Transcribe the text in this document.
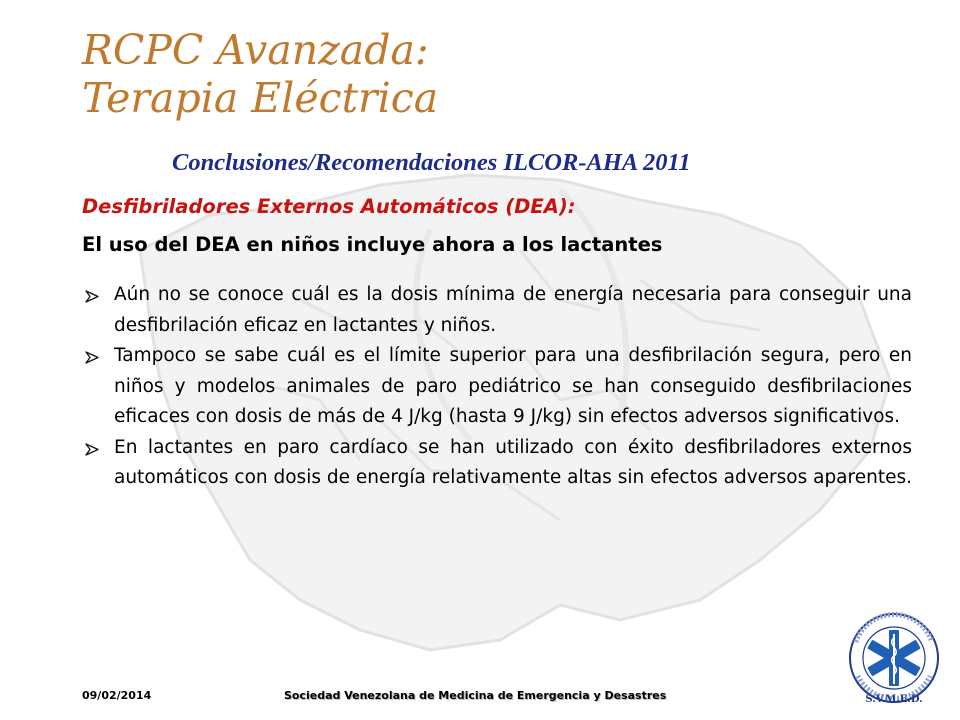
RCPC Avanzada:
Terapia Eléctrica
Conclusiones/Recomendaciones ILCOR-AHA 2011
Desfibriladores Externos Automáticos (DEA):

El uso del DEA en niños incluye ahora a los lactantes

Aún no se conoce cuál es la dosis mínima de energía necesaria para conseguir una desfibrilación eficaz en lactantes y niños.
Tampoco se sabe cuál es el límite superior para una desfibrilación segura, pero en niños y modelos animales de paro pediátrico se han conseguido desfibrilaciones eficaces con dosis de más de 4 J/kg (hasta 9 J/kg) sin efectos adversos significativos.
En lactantes en paro cardíaco se han utilizado con éxito desfibriladores externos automáticos con dosis de energía relativamente altas sin efectos adversos aparentes.
09/02/2014	Sociedad Venezolana de Medicina de Emergencia y Desastres	S.V.M.E.D.
